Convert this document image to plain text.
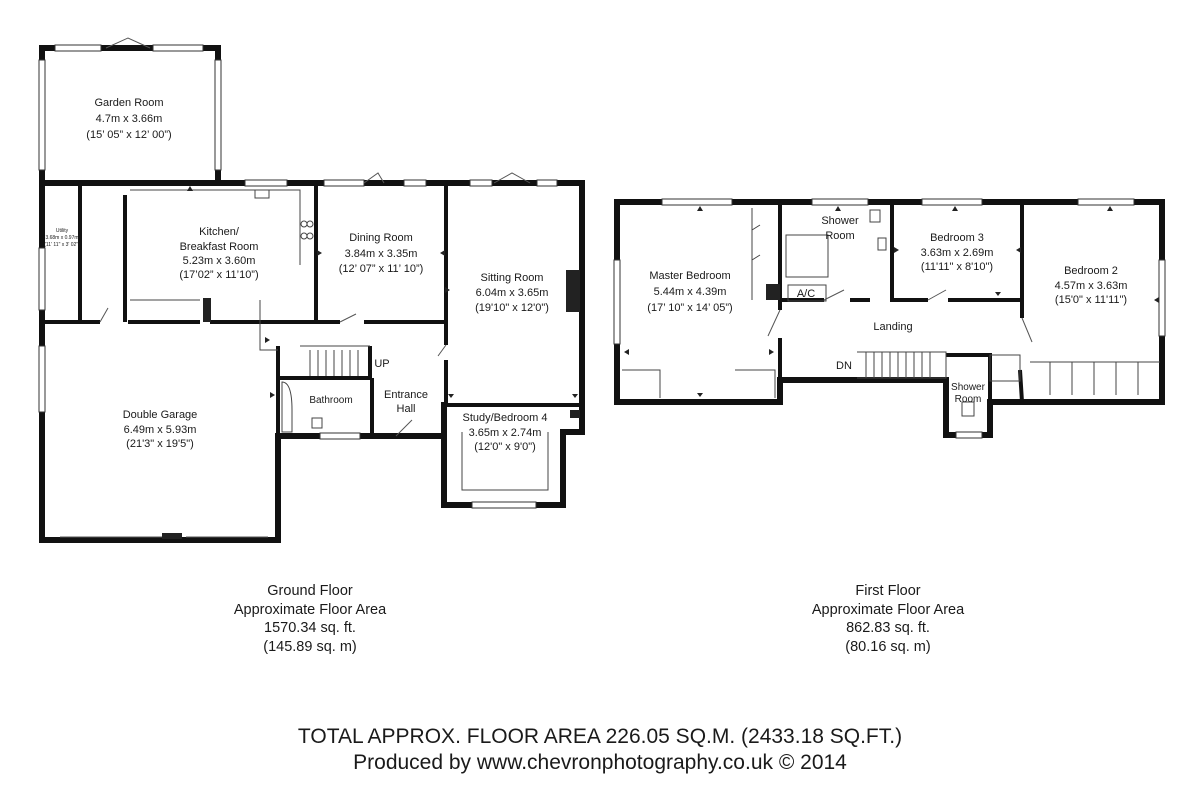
Garden Room
4.7m x 3.66m
(15’ 05” x 12’ 00”)
Utility
3.68m x 0.97m
(11' 11" x 3' 02")
Kitchen/
Breakfast Room
5.23m x 3.60m
(17’02” x 11’10”)
Dining Room
3.84m x 3.35m
(12’ 07” x 11’ 10”)
Sitting Room
6.04m x 3.65m
(19'10" x 12'0")
Double Garage
6.49m x 5.93m
(21'3" x 19'5")
Bathroom	Entrance
Hall
Study/Bedroom 4
3.65m x 2.74m
(12'0" x 9'0")
UP
Master Bedroom
5.44m x 4.39m
(17’ 10” x 14’ 05”)
Shower
Room	Bedroom 3
3.63m x 2.69m
(11'11" x 8'10")	Bedroom 2
4.57m x 3.63m
(15'0" x 11'11")
A/C
Landing
Shower
Room
DN
Ground Floor
Approximate Floor Area
1570.34 sq. ft.
(145.89 sq. m)
First Floor
Approximate Floor Area
862.83 sq. ft.
(80.16 sq. m)
TOTAL APPROX. FLOOR AREA 226.05 SQ.M. (2433.18 SQ.FT.)
Produced by www.chevronphotography.co.uk © 2014
